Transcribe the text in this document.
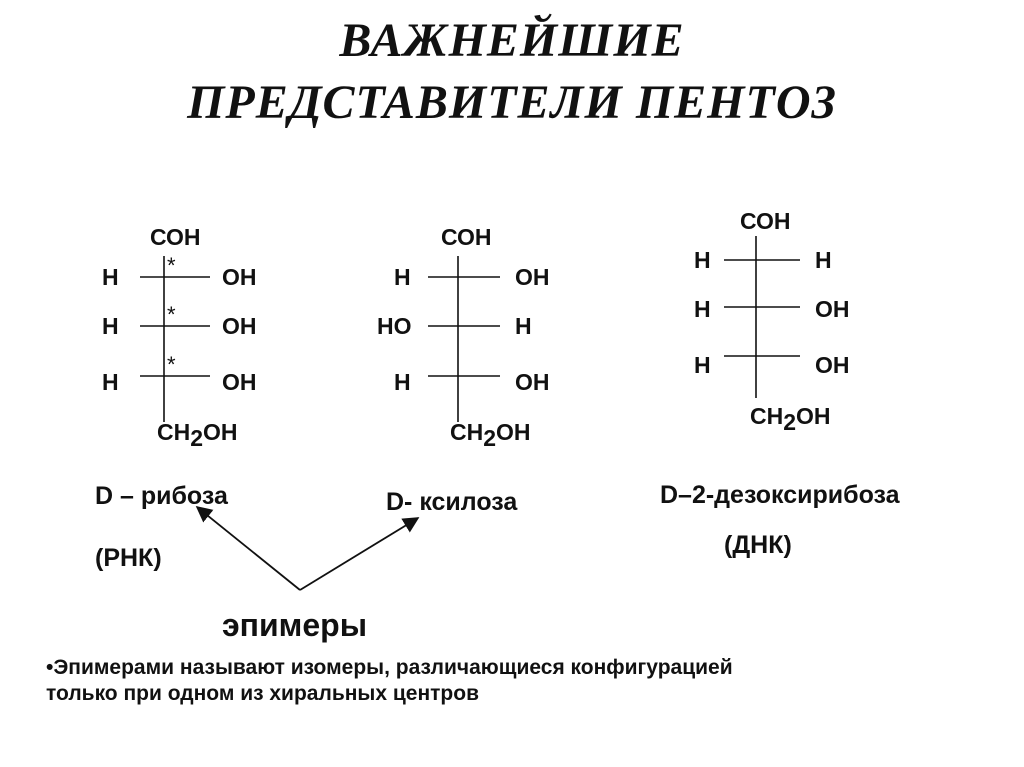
ВАЖНЕЙШИЕ
ПРЕДСТАВИТЕЛИ ПЕНТОЗ
СОН
H	OH
H	OH
H	OH
*
*
*
CH2OH
D – рибоза
(РНК)
СОН
H	OH
HO	H
H	OH
CH2OH
D- ксилоза
СОН
H	H
H	OH
H	OH
CH2OH
D–2-дезоксирибоза
(ДНК)
эпимеры
•Эпимерами называют изомеры, различающиеся конфигурацией
только при одном из хиральных центров
